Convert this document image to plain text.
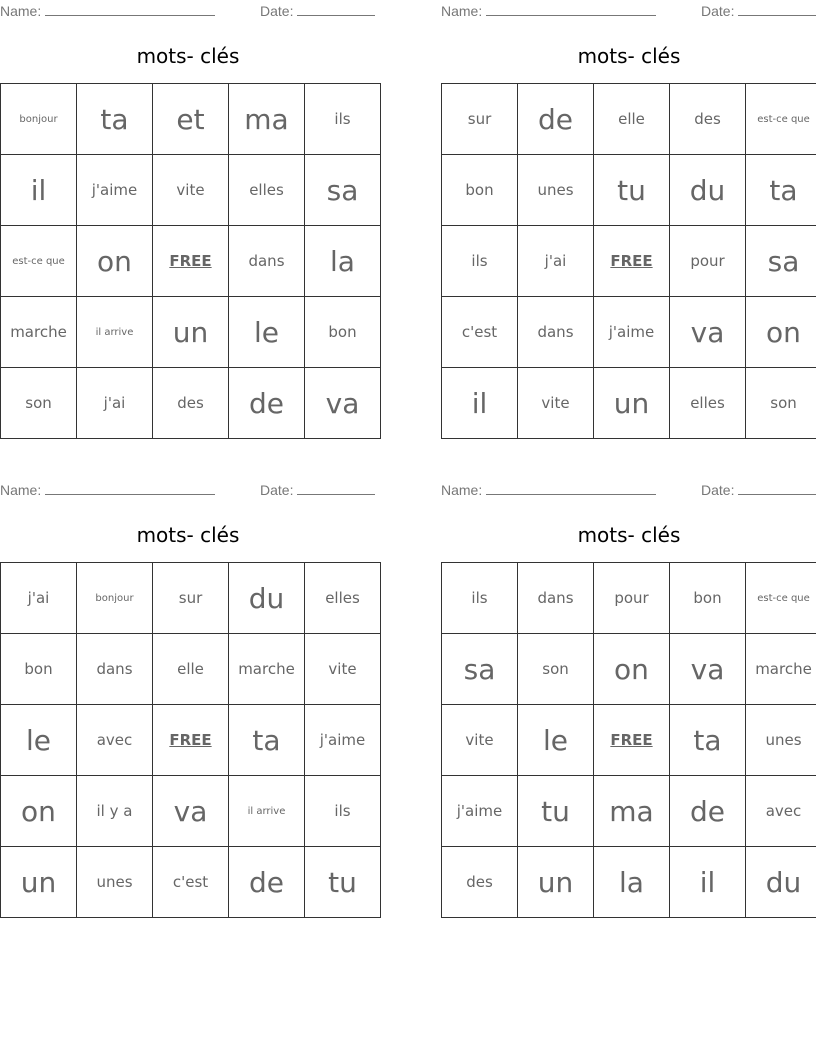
Name:	Date:
mots- clés
bonjour	ta	et	ma	ils
il	j'aime	vite	elles	sa
est-ce que	on	FREE	dans	la
marche	il arrive	un	le	bon
son	j'ai	des	de	va
Name:	Date:
mots- clés
sur	de	elle	des	est-ce que
bon	unes	tu	du	ta
ils	j'ai	FREE	pour	sa
c'est	dans	j'aime	va	on
il	vite	un	elles	son
Name:	Date:
mots- clés
j'ai	bonjour	sur	du	elles
bon	dans	elle	marche	vite
le	avec	FREE	ta	j'aime
on	il y a	va	il arrive	ils
un	unes	c'est	de	tu
Name:	Date:
mots- clés
ils	dans	pour	bon	est-ce que
sa	son	on	va	marche
vite	le	FREE	ta	unes
j'aime	tu	ma	de	avec
des	un	la	il	du
